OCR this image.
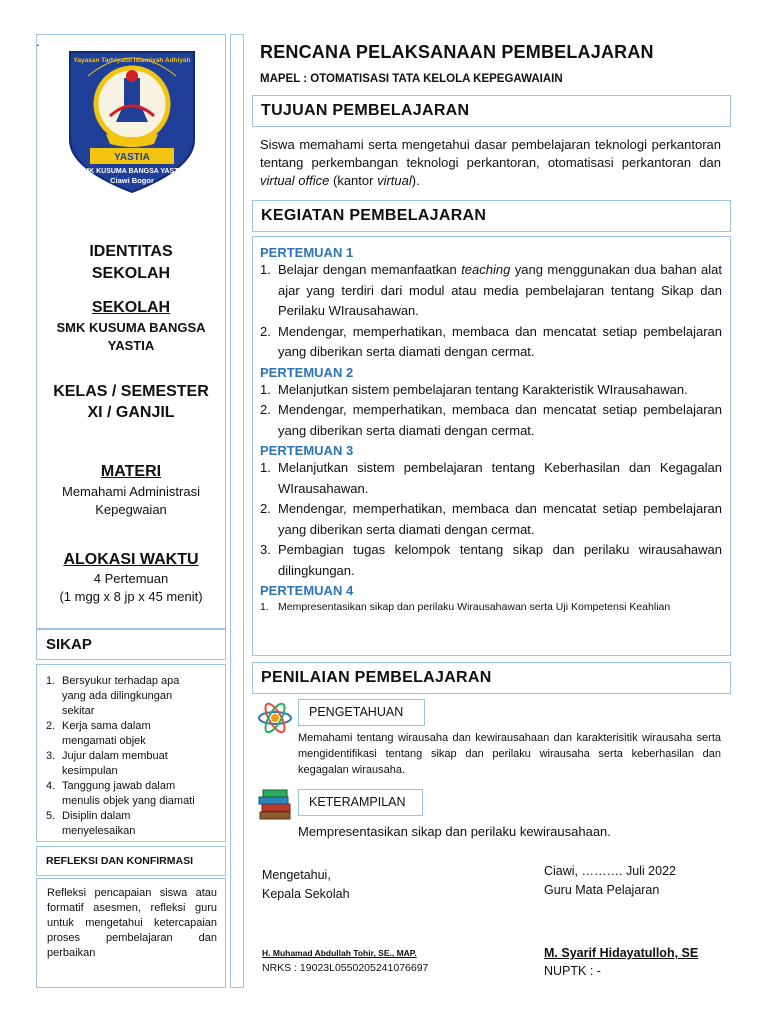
.
YASTIA
SMK KUSUMA BANGSA YASTIA
Ciawi Bogor
Yayasan Tarbiyatul Islamiyah Adhiyah
IDENTITAS
SEKOLAH
SEKOLAH
SMK KUSUMA BANGSA
YASTIA
KELAS / SEMESTER
XI / GANJIL
MATERI
Memahami Administrasi
Kepegwaian
ALOKASI WAKTU
4 Pertemuan
(1 mgg x 8 jp x 45 menit)
SIKAP
1. Bersyukur terhadap apa
yang ada dilingkungan
sekitar
2. Kerja sama dalam
mengamati objek
3. Jujur dalam membuat
kesimpulan
4. Tanggung jawab dalam
menulis objek yang diamati
5. Disiplin dalam
menyelesaikan
REFLEKSI DAN KONFIRMASI
Refleksi pencapaian siswa atau formatif asesmen, refleksi guru untuk mengetahui ketercapaian proses pembelajaran dan perbaikan
RENCANA PELAKSANAAN PEMBELAJARAN
MAPEL : OTOMATISASI TATA KELOLA KEPEGAWAIAIN
TUJUAN PEMBELAJARAN
Siswa memahami serta mengetahui dasar pembelajaran teknologi perkantoran tentang perkembangan teknologi perkantoran, otomatisasi perkantoran dan virtual office (kantor virtual).
KEGIATAN PEMBELAJARAN
PERTEMUAN 1
1. Belajar dengan memanfaatkan teaching yang menggunakan dua bahan alat ajar yang terdiri dari modul atau media pembelajaran tentang Sikap dan Perilaku WIrausahawan.
2. Mendengar, memperhatikan, membaca dan mencatat setiap pembelajaran yang diberikan serta diamati dengan cermat.
PERTEMUAN 2
1. Melanjutkan sistem pembelajaran tentang Karakteristik WIrausahawan.
2. Mendengar, memperhatikan, membaca dan mencatat setiap pembelajaran yang diberikan serta diamati dengan cermat.
PERTEMUAN 3
1. Melanjutkan sistem pembelajaran tentang Keberhasilan dan Kegagalan WIrausahawan.
2. Mendengar, memperhatikan, membaca dan mencatat setiap pembelajaran yang diberikan serta diamati dengan cermat.
3. Pembagian tugas kelompok tentang sikap dan perilaku wirausahawan dilingkungan.
PERTEMUAN 4
1. Mempresentasikan sikap dan perilaku Wirausahawan serta Uji Kompetensi Keahlian
PENILAIAN PEMBELAJARAN
PENGETAHUAN
Memahami tentang wirausaha dan kewirausahaan dan karakterisitik wirausaha serta mengidentifikasi tentang sikap dan perilaku wirausaha serta keberhasilan dan kegagalan wirausaha.
KETERAMPILAN
Mempresentasikan sikap dan perilaku kewirausahaan.
Mengetahui,
Kepala Sekolah
H. Muhamad Abdullah Tohir, SE., MAP.
NRKS : 19023L0550205241076697
Ciawi, ………. Juli 2022
Guru Mata Pelajaran
M. Syarif Hidayatulloh, SE
NUPTK : -
